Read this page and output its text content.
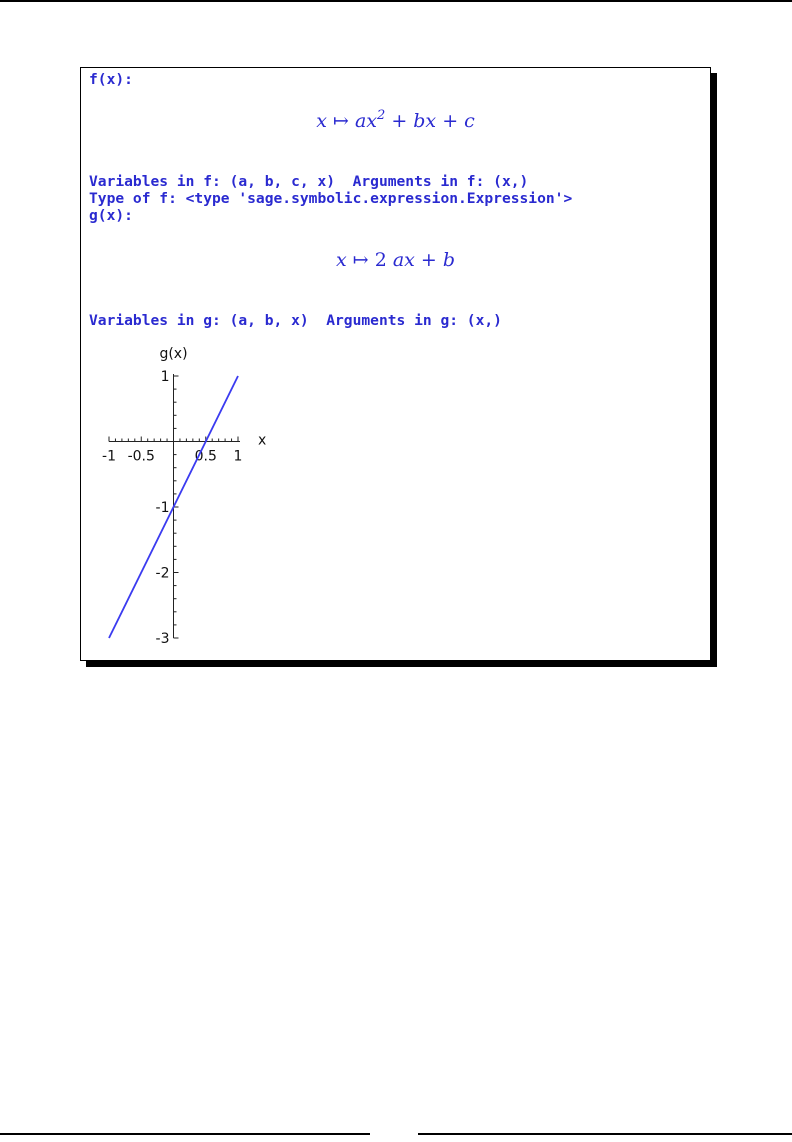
f(x):
x ↦ $ax^2$ + bx + c
Variables in f: (a, b, c, x)  Arguments in f: (x,)
Type of f: <type 'sage.symbolic.expression.Expression'>
g(x):
x ↦ 2 ax + b
Variables in g: (a, b, x)  Arguments in g: (x,)
-1 -0.5	0.5 1
1
-1
-2
-3
x
g(x)
